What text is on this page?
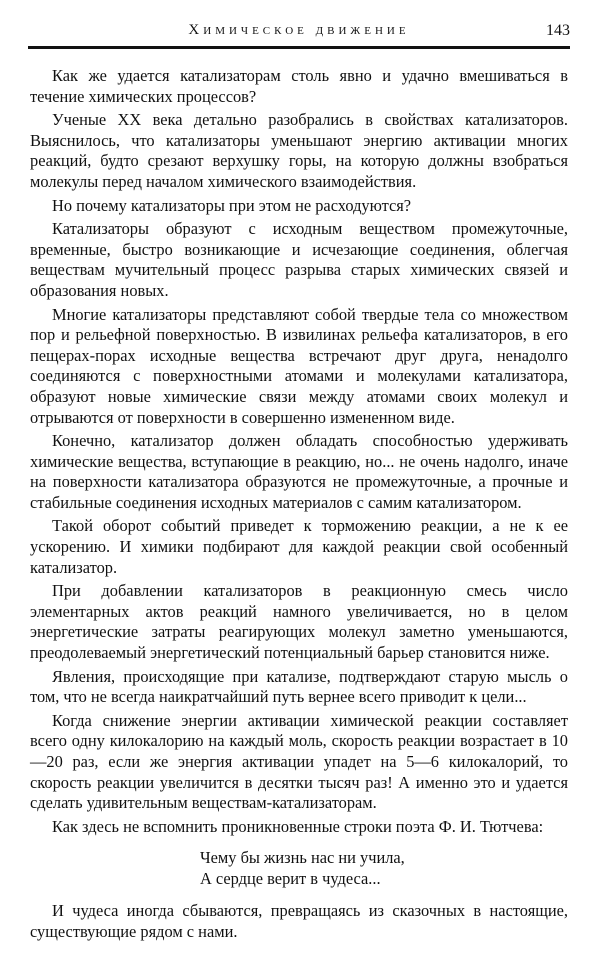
Химическое движение	143

Как же удается катализаторам столь явно и удачно вмешиваться в течение химических процессов?

Ученые XX века детально разобрались в свойствах катализаторов. Выяснилось, что катализаторы уменьшают энергию активации многих реакций, будто срезают верхушку горы, на которую должны взобраться молекулы перед началом химического взаимодействия.

Но почему катализаторы при этом не расходуются?

Катализаторы образуют с исходным веществом промежуточные, временные, быстро возникающие и исчезающие соединения, облегчая веществам мучительный процесс разрыва старых химических связей и образования новых.

Многие катализаторы представляют собой твердые тела со множеством пор и рельефной поверхностью. В извилинах рельефа катализаторов, в его пещерах-порах исходные вещества встречают друг друга, ненадолго соединяются с поверхностными атомами и молекулами катализатора, образуют новые химические связи между атомами своих молекул и отрываются от поверхности в совершенно измененном виде.

Конечно, катализатор должен обладать способностью удерживать химические вещества, вступающие в реакцию, но... не очень надолго, иначе на поверхности катализатора образуются не промежуточные, а прочные и стабильные соединения исходных материалов с самим катализатором.

Такой оборот событий приведет к торможению реакции, а не к ее ускорению. И химики подбирают для каждой реакции свой особенный катализатор.

При добавлении катализаторов в реакционную смесь число элементарных актов реакций намного увеличивается, но в целом энергетические затраты реагирующих молекул заметно уменьшаются, преодолеваемый энергетический потенциальный барьер становится ниже.

Явления, происходящие при катализе, подтверждают старую мысль о том, что не всегда наикратчайший путь вернее всего приводит к цели...

Когда снижение энергии активации химической реакции составляет всего одну килокалорию на каждый моль, скорость реакции возрастает в 10—20 раз, если же энергия активации упадет на 5—6 килокалорий, то скорость реакции увеличится в десятки тысяч раз! А именно это и удается сделать удивительным веществам-катализаторам.

Как здесь не вспомнить проникновенные строки поэта Ф. И. Тютчева:

Чему бы жизнь нас ни учила,
А сердце верит в чудеса...

И чудеса иногда сбываются, превращаясь из сказочных в настоящие, существующие рядом с нами.
